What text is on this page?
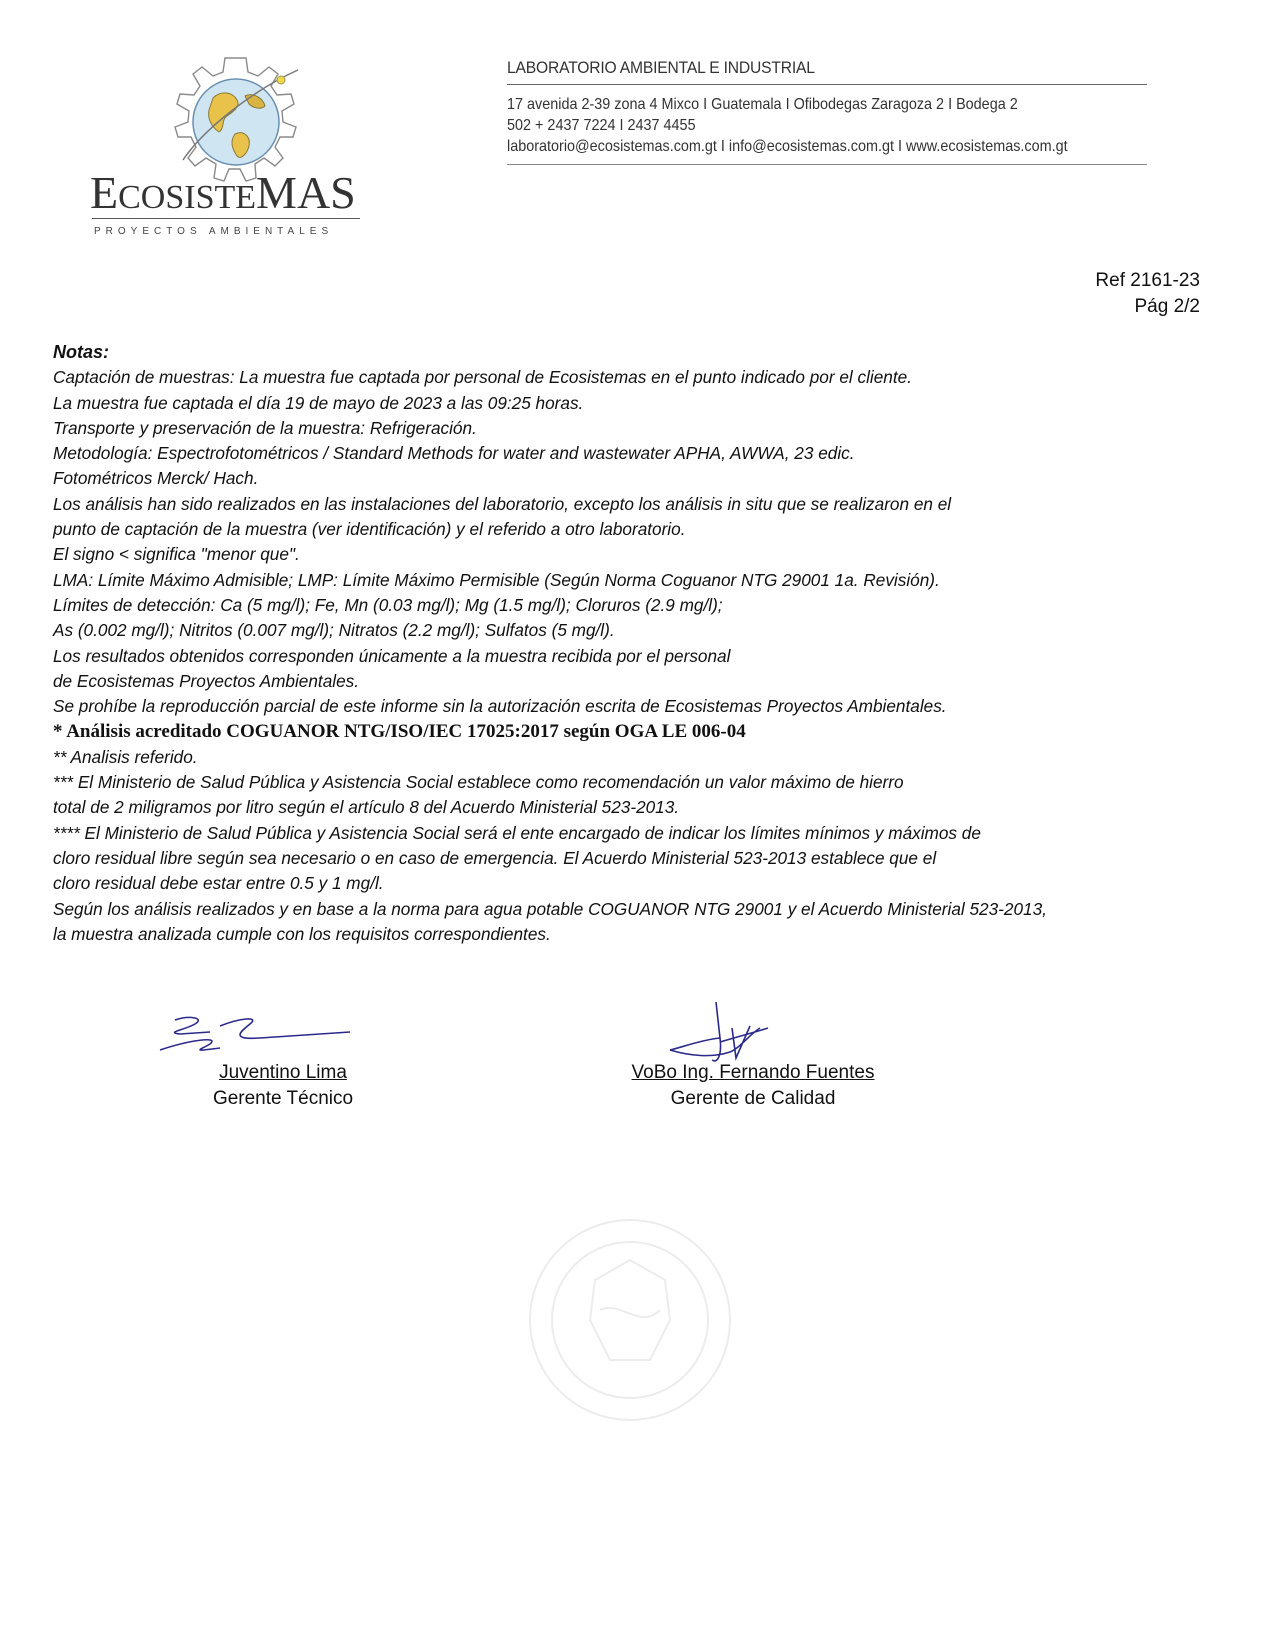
ECOSISTEMAS
PROYECTOS AMBIENTALES
LABORATORIO AMBIENTAL E INDUSTRIAL
17 avenida 2-39 zona 4 Mixco I Guatemala I Ofibodegas Zaragoza 2 I Bodega 2
502 + 2437 7224 I 2437 4455
laboratorio@ecosistemas.com.gt I info@ecosistemas.com.gt I www.ecosistemas.com.gt
Ref 2161-23
Pág 2/2
Notas:
Captación de muestras: La muestra fue captada por personal de Ecosistemas en el punto indicado por el cliente.
La muestra fue captada el día 19 de mayo de 2023 a las 09:25 horas.
Transporte y preservación de la muestra: Refrigeración.
Metodología: Espectrofotométricos / Standard Methods for water and wastewater APHA, AWWA, 23 edic.
Fotométricos Merck/ Hach.
Los análisis han sido realizados en las instalaciones del laboratorio, excepto los análisis in situ que se realizaron en el
punto de captación de la muestra (ver identificación) y el referido a otro laboratorio.
El signo < significa "menor que".
LMA: Límite Máximo Admisible; LMP: Límite Máximo Permisible (Según Norma Coguanor NTG 29001 1a. Revisión).
Límites de detección: Ca (5 mg/l); Fe, Mn (0.03 mg/l); Mg (1.5 mg/l); Cloruros (2.9 mg/l);
As (0.002 mg/l); Nitritos (0.007 mg/l); Nitratos (2.2 mg/l); Sulfatos (5 mg/l).
Los resultados obtenidos corresponden únicamente a la muestra recibida por el personal
de Ecosistemas Proyectos Ambientales.
Se prohíbe la reproducción parcial de este informe sin la autorización escrita de Ecosistemas Proyectos Ambientales.
* Análisis acreditado COGUANOR NTG/ISO/IEC 17025:2017 según OGA LE 006-04
** Analisis referido.
*** El Ministerio de Salud Pública y Asistencia Social establece como recomendación un valor máximo de hierro
total de 2 miligramos por litro según el artículo 8 del Acuerdo Ministerial 523-2013.
**** El Ministerio de Salud Pública y Asistencia Social será el ente encargado de indicar los límites mínimos y máximos de
cloro residual libre según sea necesario o en caso de emergencia. El Acuerdo Ministerial 523-2013 establece que el
cloro residual debe estar entre 0.5 y 1 mg/l.
Según los análisis realizados y en base a la norma para agua potable COGUANOR NTG 29001 y el Acuerdo Ministerial 523-2013,
la muestra analizada cumple con los requisitos correspondientes.
Juventino Lima
Gerente Técnico
VoBo Ing. Fernando Fuentes
Gerente de Calidad
